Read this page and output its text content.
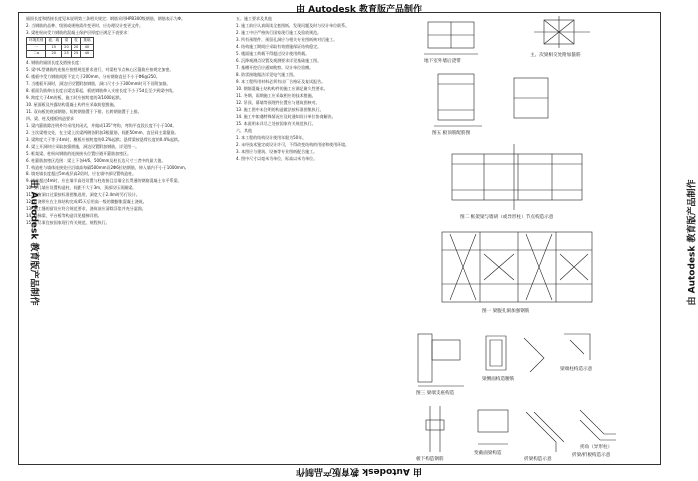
由 Autodesk 教育版产品制作
由 Autodesk 教育版产品制作
由 Autodesk 教育版产品制作	由 Autodesk 教育版产品制作

锚固长度和搭接长度见本说明第三条相关规定；钢筋采用HPB300级钢筋，钢筋表示为Φ。

2. 当钢筋的品种、级别或规格需作变更时，应办理设计变更文件。

3. 梁柱纵向受力钢筋的混凝土保护层厚度应满足下表要求：

环境类别	板、墙	梁	柱	基础
一	15	20	20	40
二a	20	25	25	40

4. 钢筋的锚固长度及搭接长度：

5. 梁中L型钢筋的连接应按照规范要求进行，对梁柱节点核心区箍筋应按规定加密。

6. 楼板中受力钢筋间距不宜大于200mm，分布钢筋直径不小于Φ6@250。

7. 当楼板开洞时，洞边应设置附加钢筋，洞口尺寸小于300mm时可不设附加筋。

8. 板面负筋伸出长度自梁边算起，板底钢筋伸入支座长度不小于5d且至少到梁中线。

9. 跨度大于4m的板，施工时应按跨度的3/1000起拱。

10. 屋面板及外露结构混凝土构件应采取防裂措施。

11. 双向板的底部钢筋，短跨钢筋置于下排，长跨钢筋置于上排。

四、梁、柱及楼板构造要求

1. 梁内箍筋除注明外均采用封闭式，并做成135°弯钩，弯钩平直段长度不小于10d。

2. 主次梁相交处，在主梁上次梁两侧各附加3根箍筋，间距50mm，直径同主梁箍筋。

3. 梁跨度大于等于4m时，模板应按跨度的0.2%起拱；悬臂梁按悬臂长度的0.4%起拱。

4. 梁上开洞时应采取加强措施，洞边设置附加钢筋，详见图一。

5. 框架梁、柱纵向钢筋的连接接头位置应避开箍筋加密区。

6. 柱箍筋加密区范围：梁上下各H/6、500mm及柱长边尺寸三者中的最大值。

7. 构造柱与墙体连接处应沿墙高每隔500mm设2Φ6拉结钢筋，伸入墙内不小于1000mm。

8. 填充墙长度超过5m或层高2倍时，应在墙中部设置构造柱。

9. 墙高超过4m时，应在墙半高处设置与柱连接且沿墙全长贯通的钢筋混凝土水平系梁。

10. 女儿墙应设置构造柱，间距不大于3m，顶部设压顶圈梁。

11. 门窗洞口过梁按标准图集选用，洞宽大于2.4m时另行设计。

12. 后浇带应在主体结构完成45天后用高一级的微膨胀混凝土浇筑。

13. 施工缝的留设应符合规范要求，浇筑前应清除浮浆并充分湿润。

14. 楼梯梁、平台板等构造详见楼梯详图。

15. 未尽事宜按国家现行有关规范、规程执行。

五、施工要求及其他

1. 施工前应认真阅读全套图纸，发现问题及时与设计单位联系。

2. 施工中应严格执行国家现行施工及验收规范。

3. 所有预埋件、预留孔洞应与相关专业图纸核对后施工。

4. 结构施工期间应采取有效措施保证结构稳定。

5. 楼面施工荷载不得超过设计使用荷载。

6. 沉降观测点设置及观测要求详见基础施工图。

7. 基槽开挖后应通知勘察、设计单位验槽。

8. 防雷接地做法详见电气施工图。

9. 本工程所用材料必须有出厂合格证及复试报告。

10. 钢筋混凝土结构构件的施工应满足耐久性要求。

11. 冬期、雨期施工应采取相应的技术措施。

12. 吊顶、幕墙等预埋件位置应与建筑图核对。

13. 施工图中未注明的构造做法按标准图集执行。

14. 施工中如遇特殊情况应及时通知设计单位协商解决。

15. 本说明未详尽之处按国家有关规范执行。

六、其他

1. 本工程的结构设计使用年限为50年。

2. 未经技术鉴定或设计许可，不得改变结构的用途和使用环境。

3. 本图应与建筑、设备等专业图纸配合施工。

4. 图中尺寸以毫米为单位，标高以米为单位。

地下室外墙后浇带
主、次梁相交处附加箍筋
图五 板顶筋配筋图
图二 框架梁与墙胡（或异形柱）节点构造示意
图一 梁腹孔洞加强钢筋
图三 梁端支座构造
梁侧面构造腰筋
梁端柱构造示意
板下构造钢筋
变截面梁构造
折梁构造示意
拐角（异形柱）
折梁/折板构造示意
